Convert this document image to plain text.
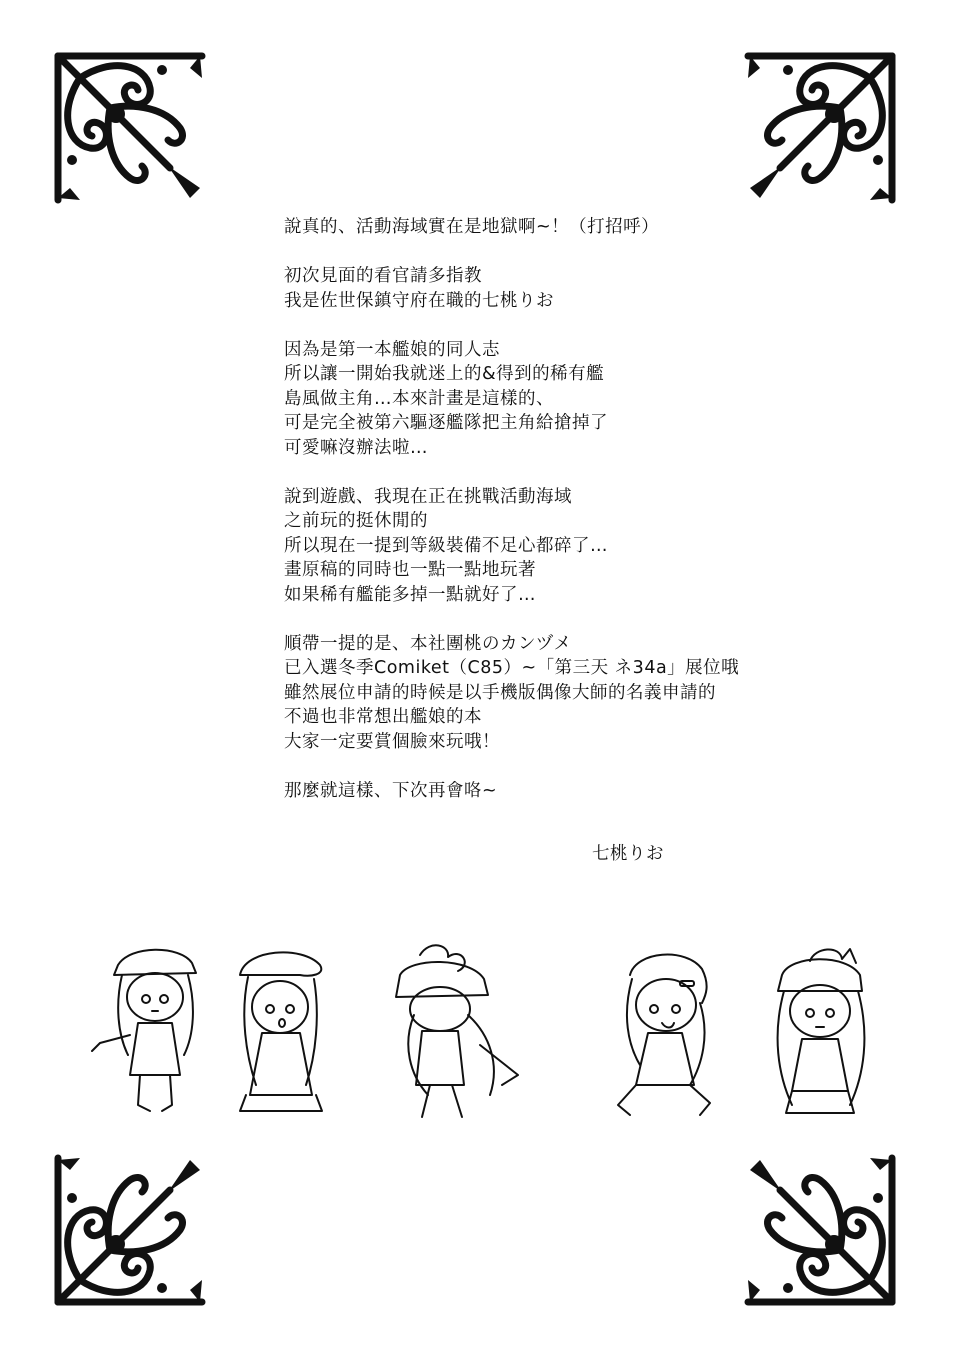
說真的、活動海域實在是地獄啊~！（打招呼）
初次見面的看官請多指教
我是佐世保鎮守府在職的七桃りお
因為是第一本艦娘的同人志
所以讓一開始我就迷上的&得到的稀有艦
島風做主角…本來計畫是這樣的、
可是完全被第六驅逐艦隊把主角給搶掉了
可愛嘛沒辦法啦…
說到遊戲、我現在正在挑戰活動海域
之前玩的挺休閒的
所以現在一提到等級裝備不足心都碎了…
畫原稿的同時也一點一點地玩著
如果稀有艦能多掉一點就好了…
順帶一提的是、本社團桃のカンヅメ
已入選冬季Comiket（C85）~「第三天 ネ34a」展位哦
雖然展位申請的時候是以手機版偶像大師的名義申請的
不過也非常想出艦娘的本
大家一定要賞個臉來玩哦！
那麼就這樣、下次再會咯~
七桃りお
